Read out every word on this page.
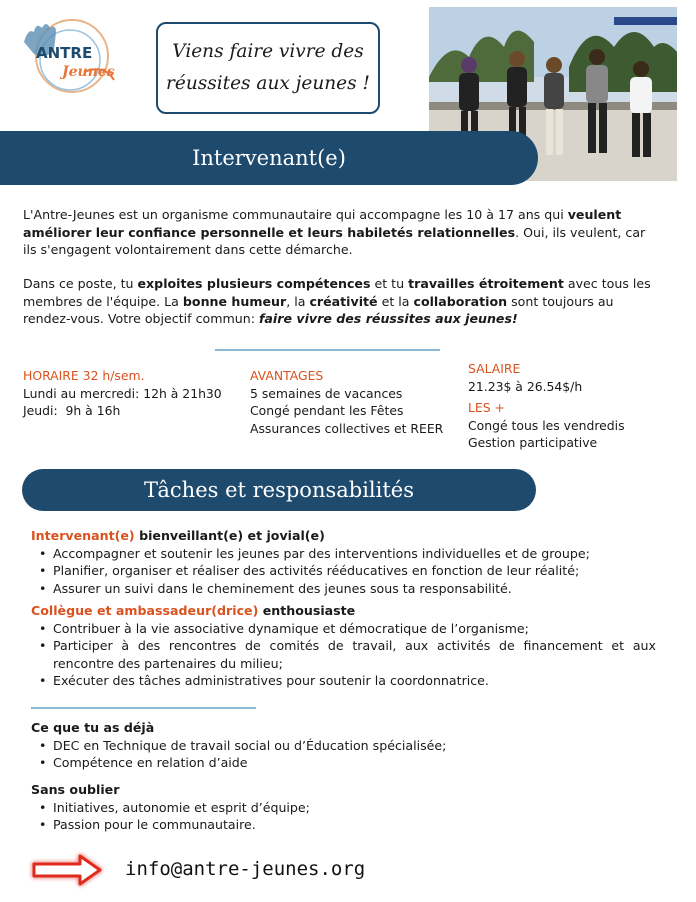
ANTRE
Jeunes
Viens faire vivre des
réussites aux jeunes !
Intervenant(e)
L'Antre-Jeunes est un organisme communautaire qui accompagne les 10 à 17 ans qui veulent améliorer leur confiance personnelle et leurs habiletés relationnelles. Oui, ils veulent, car ils s'engagent volontairement dans cette démarche.
Dans ce poste, tu exploites plusieurs compétences et tu travailles étroitement avec tous les membres de l'équipe. La bonne humeur, la créativité et la collaboration sont toujours au rendez-vous. Votre objectif commun: faire vivre des réussites aux jeunes!
HORAIRE 32 h/sem.
Lundi au mercredi: 12h à 21h30
Jeudi:  9h à 16h
AVANTAGES
5 semaines de vacances
Congé pendant les Fêtes
Assurances collectives et REER
SALAIRE
21.23$ à 26.54$/h
LES +
Congé tous les vendredis
Gestion participative
Tâches et responsabilités
Intervenant(e) bienveillant(e) et jovial(e)
• Accompagner et soutenir les jeunes par des interventions individuelles et de groupe;
• Planifier, organiser et réaliser des activités rééducatives en fonction de leur réalité;
• Assurer un suivi dans le cheminement des jeunes sous ta responsabilité.
Collègue et ambassadeur(drice) enthousiaste
• Contribuer à la vie associative dynamique et démocratique de l’organisme;
• Participer à des rencontres de comités de travail, aux activités de financement et aux rencontre des partenaires du milieu;
• Exécuter des tâches administratives pour soutenir la coordonnatrice.
Ce que tu as déjà
• DEC en Technique de travail social ou d’Éducation spécialisée;
• Compétence en relation d’aide
Sans oublier
• Initiatives, autonomie et esprit d’équipe;
• Passion pour le communautaire.
info@antre-jeunes.org
